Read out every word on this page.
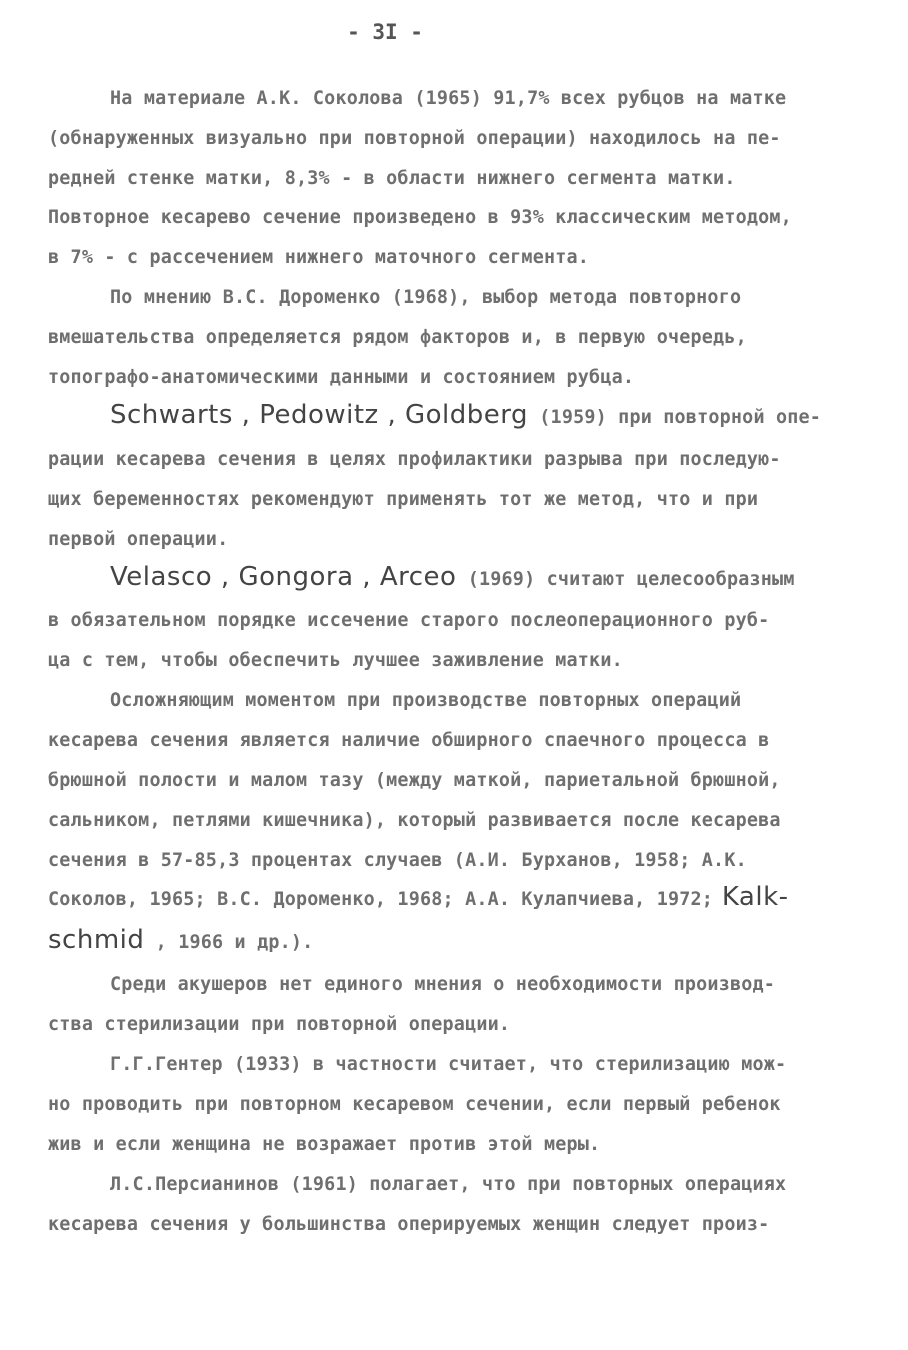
- 3I -
На материале А.К. Соколова (1965) 91,7% всех рубцов на матке
(обнаруженных визуально при повторной операции) находилось на пе-
редней стенке матки, 8,3% - в области нижнего сегмента матки.
Повторное кесарево сечение произведено в 93% классическим методом,
в 7% - с рассечением нижнего маточного сегмента.
По мнению В.С. Дороменко (1968), выбор метода повторного
вмешательства определяется рядом факторов и, в первую очередь,
топографо-анатомическими данными и состоянием рубца.
Schwarts , Pedowitz , Goldberg (1959) при повторной опе-
рации кесарева сечения в целях профилактики разрыва при последую-
щих беременностях рекомендуют применять тот же метод, что и при
первой операции.
Velasco , Gongora , Arceo (1969) считают целесообразным
в обязательном порядке иссечение старого послеоперационного руб-
ца с тем, чтобы обеспечить лучшее заживление матки.
Осложняющим моментом при производстве повторных операций
кесарева сечения является наличие обширного спаечного процесса в
брюшной полости и малом тазу (между маткой, париетальной брюшной,
сальником, петлями кишечника), который развивается после кесарева
сечения в 57-85,3 процентах случаев (А.И. Бурханов, 1958; А.К.
Соколов, 1965; В.С. Дороменко, 1968; А.А. Кулапчиева, 1972; Kalk-
schmid , 1966 и др.).
Среди акушеров нет единого мнения о необходимости производ-
ства стерилизации при повторной операции.
Г.Г.Гентер (1933) в частности считает, что стерилизацию мож-
но проводить при повторном кесаревом сечении, если первый ребенок
жив и если женщина не возражает против этой меры.
Л.С.Персианинов (1961) полагает, что при повторных операциях
кесарева сечения у большинства оперируемых женщин следует произ-
